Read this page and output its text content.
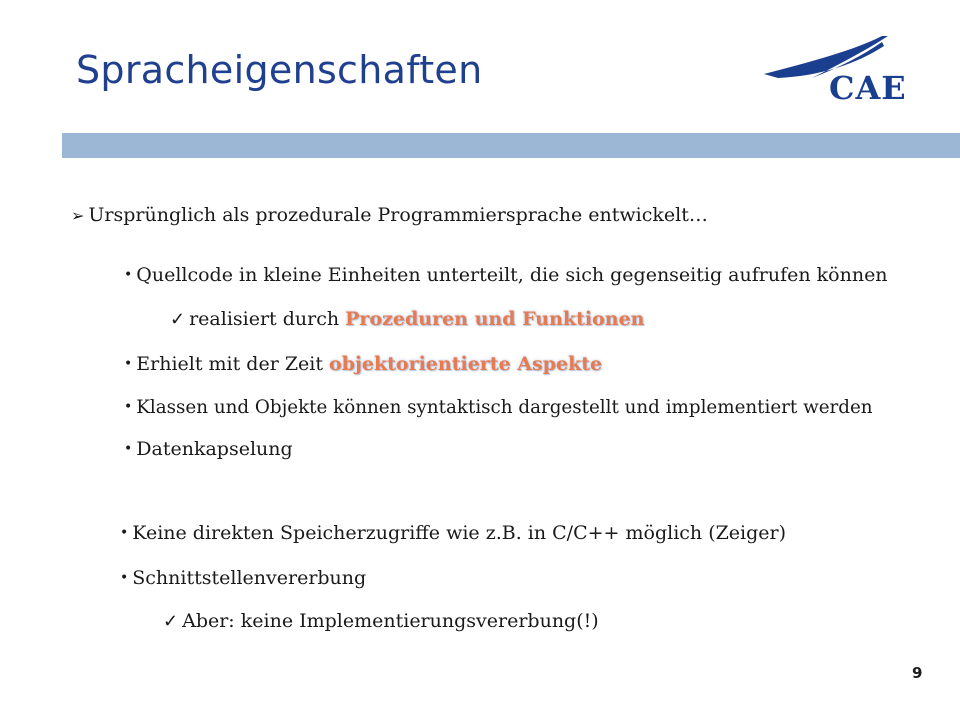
Spracheigenschaften	CAE
➢ Ursprünglich als prozedurale Programmiersprache entwickelt…
• Quellcode in kleine Einheiten unterteilt, die sich gegenseitig aufrufen können
✓ realisiert durch Prozeduren und Funktionen
• Erhielt mit der Zeit objektorientierte Aspekte
• Klassen und Objekte können syntaktisch dargestellt und implementiert werden
• Datenkapselung
• Keine direkten Speicherzugriffe wie z.B. in C/C++ möglich (Zeiger)
• Schnittstellenvererbung
✓ Aber: keine Implementierungsvererbung(!)
9
